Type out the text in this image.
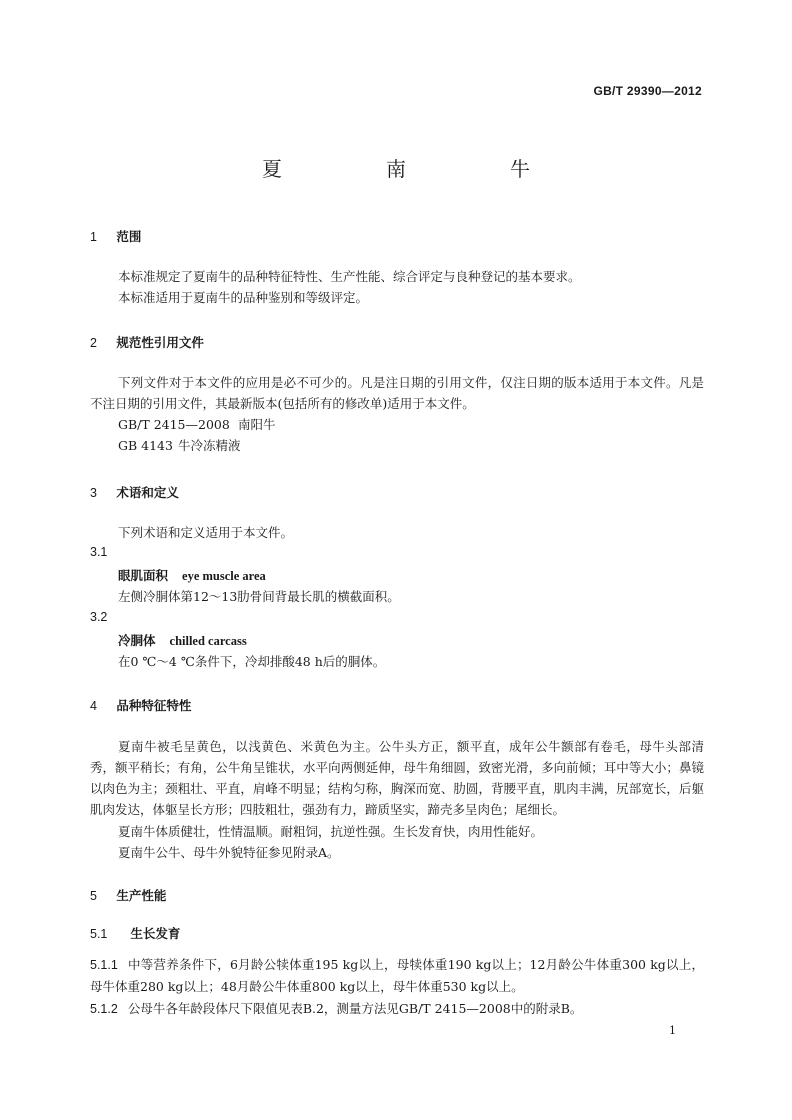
GB/T 29390—2012
夏　南　牛
1 范围
本标准规定了夏南牛的品种特征特性、生产性能、综合评定与良种登记的基本要求。
本标准适用于夏南牛的品种鉴别和等级评定。
2 规范性引用文件
下列文件对于本文件的应用是必不可少的。凡是注日期的引用文件，仅注日期的版本适用于本文件。凡是不注日期的引用文件，其最新版本(包括所有的修改单)适用于本文件。
GB/T 2415—2008 南阳牛
GB 4143 牛冷冻精液
3 术语和定义
下列术语和定义适用于本文件。
3.1
眼肌面积 eye muscle area
左侧冷胴体第12～13肋骨间背最长肌的横截面积。
3.2
冷胴体 chilled carcass
在0 ℃～4 ℃条件下，冷却排酸48 h后的胴体。
4 品种特征特性
夏南牛被毛呈黄色，以浅黄色、米黄色为主。公牛头方正，额平直，成年公牛额部有卷毛，母牛头部清秀，额平稍长；有角，公牛角呈锥状，水平向两侧延伸，母牛角细圆，致密光滑，多向前倾；耳中等大小；鼻镜以肉色为主；颈粗壮、平直，肩峰不明显；结构匀称，胸深而宽、肋圆，背腰平直，肌肉丰满，尻部宽长，后躯肌肉发达，体躯呈长方形；四肢粗壮，强劲有力，蹄质坚实，蹄壳多呈肉色；尾细长。
夏南牛体质健壮，性情温顺。耐粗饲，抗逆性强。生长发育快，肉用性能好。
夏南牛公牛、母牛外貌特征参见附录A。
5 生产性能
5.1 生长发育
5.1.1 中等营养条件下，6月龄公犊体重195 kg以上，母犊体重190 kg以上；12月龄公牛体重300 kg以上，母牛体重280 kg以上；48月龄公牛体重800 kg以上，母牛体重530 kg以上。
5.1.2 公母牛各年龄段体尺下限值见表B.2，测量方法见GB/T 2415—2008中的附录B。
1
